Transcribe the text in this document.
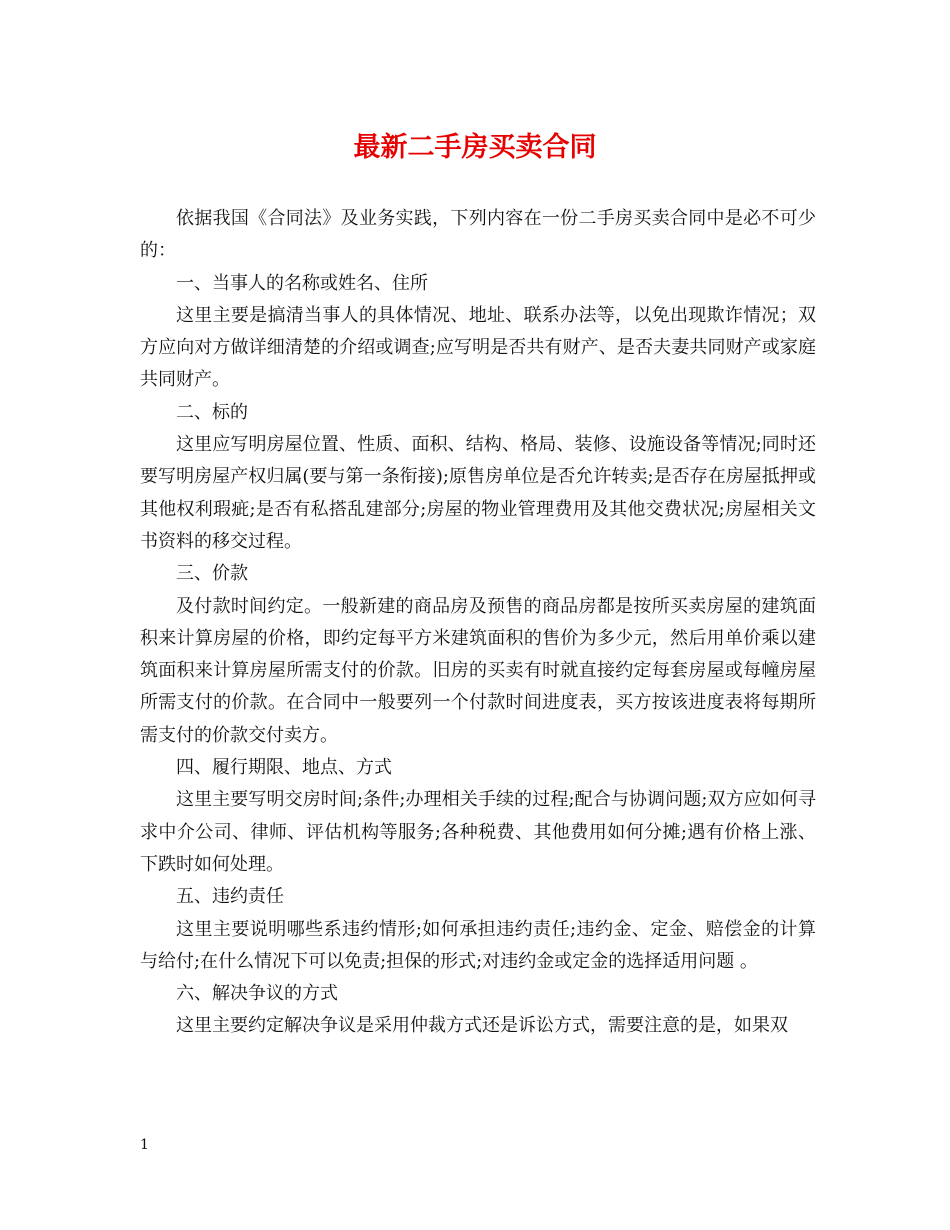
最新二手房买卖合同

依据我国《合同法》及业务实践，下列内容在一份二手房买卖合同中是必不可少的：

一、当事人的名称或姓名、住所

这里主要是搞清当事人的具体情况、地址、联系办法等，以免出现欺诈情况；双方应向对方做详细清楚的介绍或调查;应写明是否共有财产、是否夫妻共同财产或家庭共同财产。

二、标的

这里应写明房屋位置、性质、面积、结构、格局、装修、设施设备等情况;同时还要写明房屋产权归属(要与第一条衔接);原售房单位是否允许转卖;是否存在房屋抵押或其他权利瑕疵;是否有私搭乱建部分;房屋的物业管理费用及其他交费状况;房屋相关文书资料的移交过程。

三、价款

及付款时间约定。一般新建的商品房及预售的商品房都是按所买卖房屋的建筑面积来计算房屋的价格，即约定每平方米建筑面积的售价为多少元，然后用单价乘以建筑面积来计算房屋所需支付的价款。旧房的买卖有时就直接约定每套房屋或每幢房屋所需支付的价款。在合同中一般要列一个付款时间进度表，买方按该进度表将每期所需支付的价款交付卖方。

四、履行期限、地点、方式

这里主要写明交房时间;条件;办理相关手续的过程;配合与协调问题;双方应如何寻求中介公司、律师、评估机构等服务;各种税费、其他费用如何分摊;遇有价格上涨、下跌时如何处理。

五、违约责任

这里主要说明哪些系违约情形;如何承担违约责任;违约金、定金、赔偿金的计算与给付;在什么情况下可以免责;担保的形式;对违约金或定金的选择适用问题 。

六、解决争议的方式

这里主要约定解决争议是采用仲裁方式还是诉讼方式，需要注意的是，如果双

1
